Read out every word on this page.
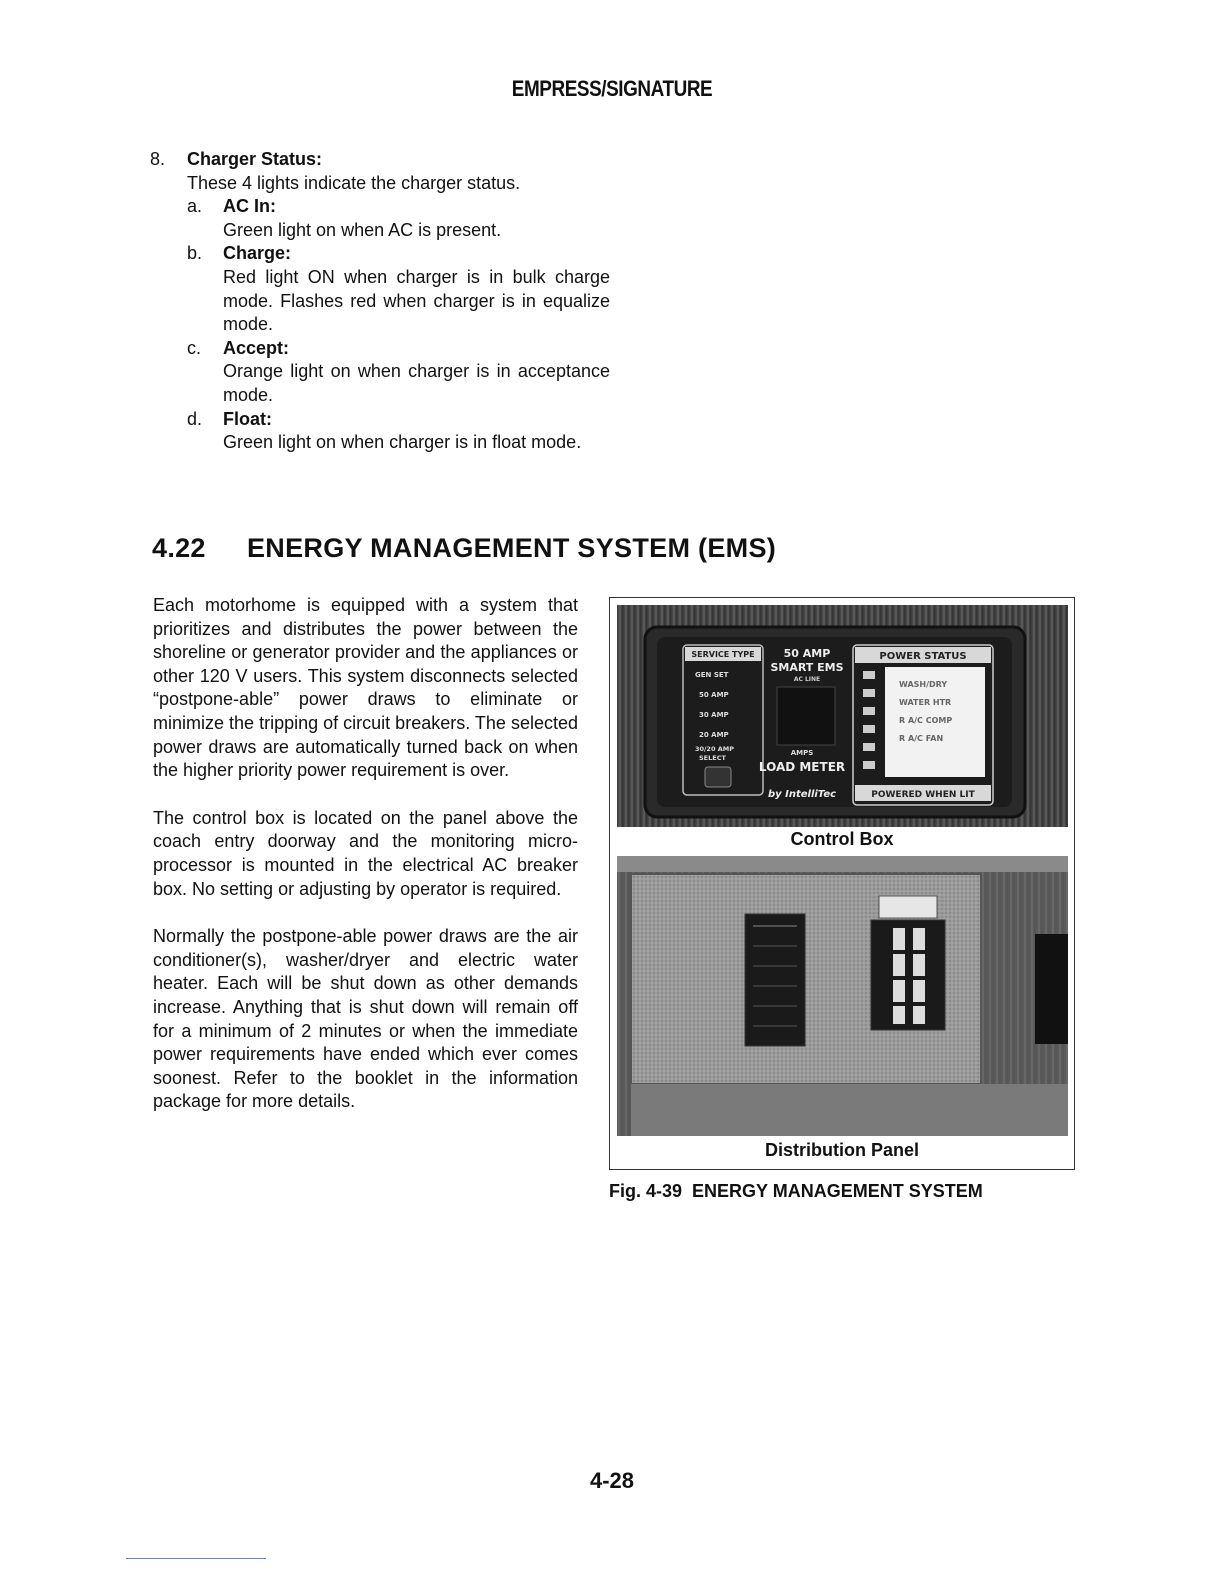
EMPRESS/SIGNATURE
8.	Charger Status:
These 4 lights indicate the charger status.
a.	AC In:
Green light on when AC is present.
b.	Charge:
Red light ON when charger is in bulk charge mode. Flashes red when charger is in equalize mode.
c.	Accept:
Orange light on when charger is in acceptance mode.
d.	Float:
Green light on when charger is in float mode.
4.22 ENERGY MANAGEMENT SYSTEM (EMS)

Each motorhome is equipped with a system that prioritizes and distributes the power between the shoreline or generator provider and the appliances or other 120 V users. This system disconnects selected “postpone-able” power draws to eliminate or minimize the tripping of circuit breakers. The selected power draws are automatically turned back on when the higher priority power requirement is over.

The control box is located on the panel above the coach entry doorway and the monitoring micro-processor is mounted in the electrical AC breaker box. No setting or adjusting by operator is required.

Normally the postpone-able power draws are the air conditioner(s), washer/dryer and electric water heater. Each will be shut down as other demands increase. Anything that is shut down will remain off for a minimum of 2 minutes or when the immediate power requirements have ended which ever comes soonest. Refer to the booklet in the information package for more details.

SERVICE TYPE
GEN SET
50 AMP
30 AMP
20 AMP
30/20 AMP
SELECT
50 AMP
SMART EMS
AC LINE
AMPS
LOAD METER
by IntelliTec
POWER STATUS
WASH/DRY
WATER HTR
R A/C COMP
R A/C FAN
POWERED WHEN LIT
Control Box
Distribution Panel
Fig. 4-39 ENERGY MANAGEMENT SYSTEM
4-28
